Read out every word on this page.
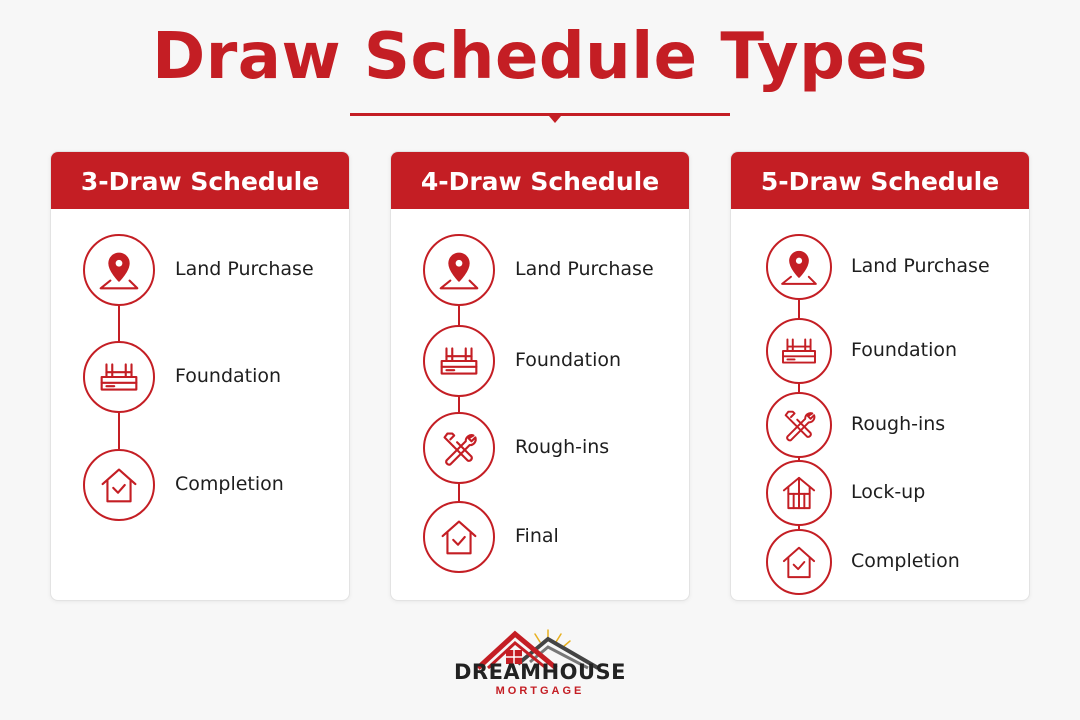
Draw Schedule Types
3-Draw Schedule
Land Purchase
Foundation
Completion
4-Draw Schedule
Land Purchase
Foundation
Rough-ins
Final
5-Draw Schedule
Land Purchase
Foundation
Rough-ins
Lock-up
Completion
DREAMHOUSE
MORTGAGE
